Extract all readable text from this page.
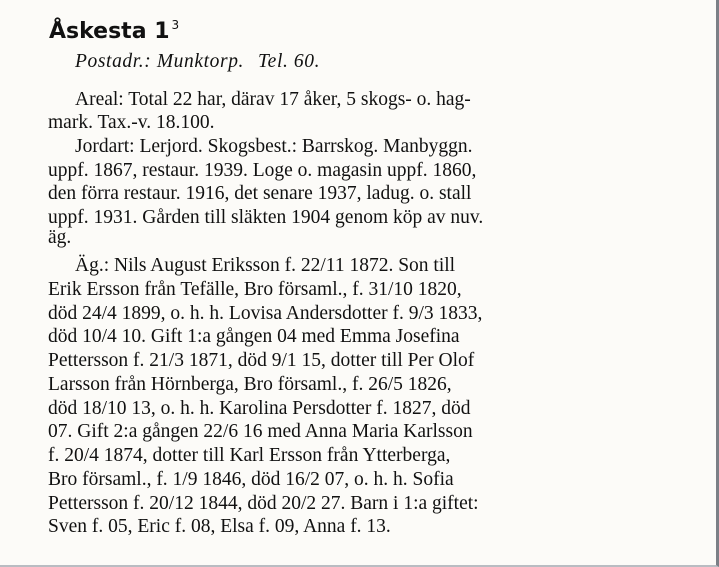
Åskesta 1 $^3$
Postadr.: Munktorp. Tel. 60.
Areal: Total 22 har, därav 17 åker, 5 skogs- o. hag-
mark. Tax.-v. 18.100.
Jordart: Lerjord. Skogsbest.: Barrskog. Manbyggn.
uppf. 1867, restaur. 1939. Loge o. magasin uppf. 1860,
den förra restaur. 1916, det senare 1937, ladug. o. stall
uppf. 1931. Gården till släkten 1904 genom köp av nuv.
äg.
Äg.: Nils August Eriksson f. 22/11 1872. Son till
Erik Ersson från Tefälle, Bro församl., f. 31/10 1820,
död 24/4 1899, o. h. h. Lovisa Andersdotter f. 9/3 1833,
död 10/4 10. Gift 1:a gången 04 med Emma Josefina
Pettersson f. 21/3 1871, död 9/1 15, dotter till Per Olof
Larsson från Hörnberga, Bro församl., f. 26/5 1826,
död 18/10 13, o. h. h. Karolina Persdotter f. 1827, död
07. Gift 2:a gången 22/6 16 med Anna Maria Karlsson
f. 20/4 1874, dotter till Karl Ersson från Ytterberga,
Bro församl., f. 1/9 1846, död 16/2 07, o. h. h. Sofia
Pettersson f. 20/12 1844, död 20/2 27. Barn i 1:a giftet:
Sven f. 05, Eric f. 08, Elsa f. 09, Anna f. 13.
